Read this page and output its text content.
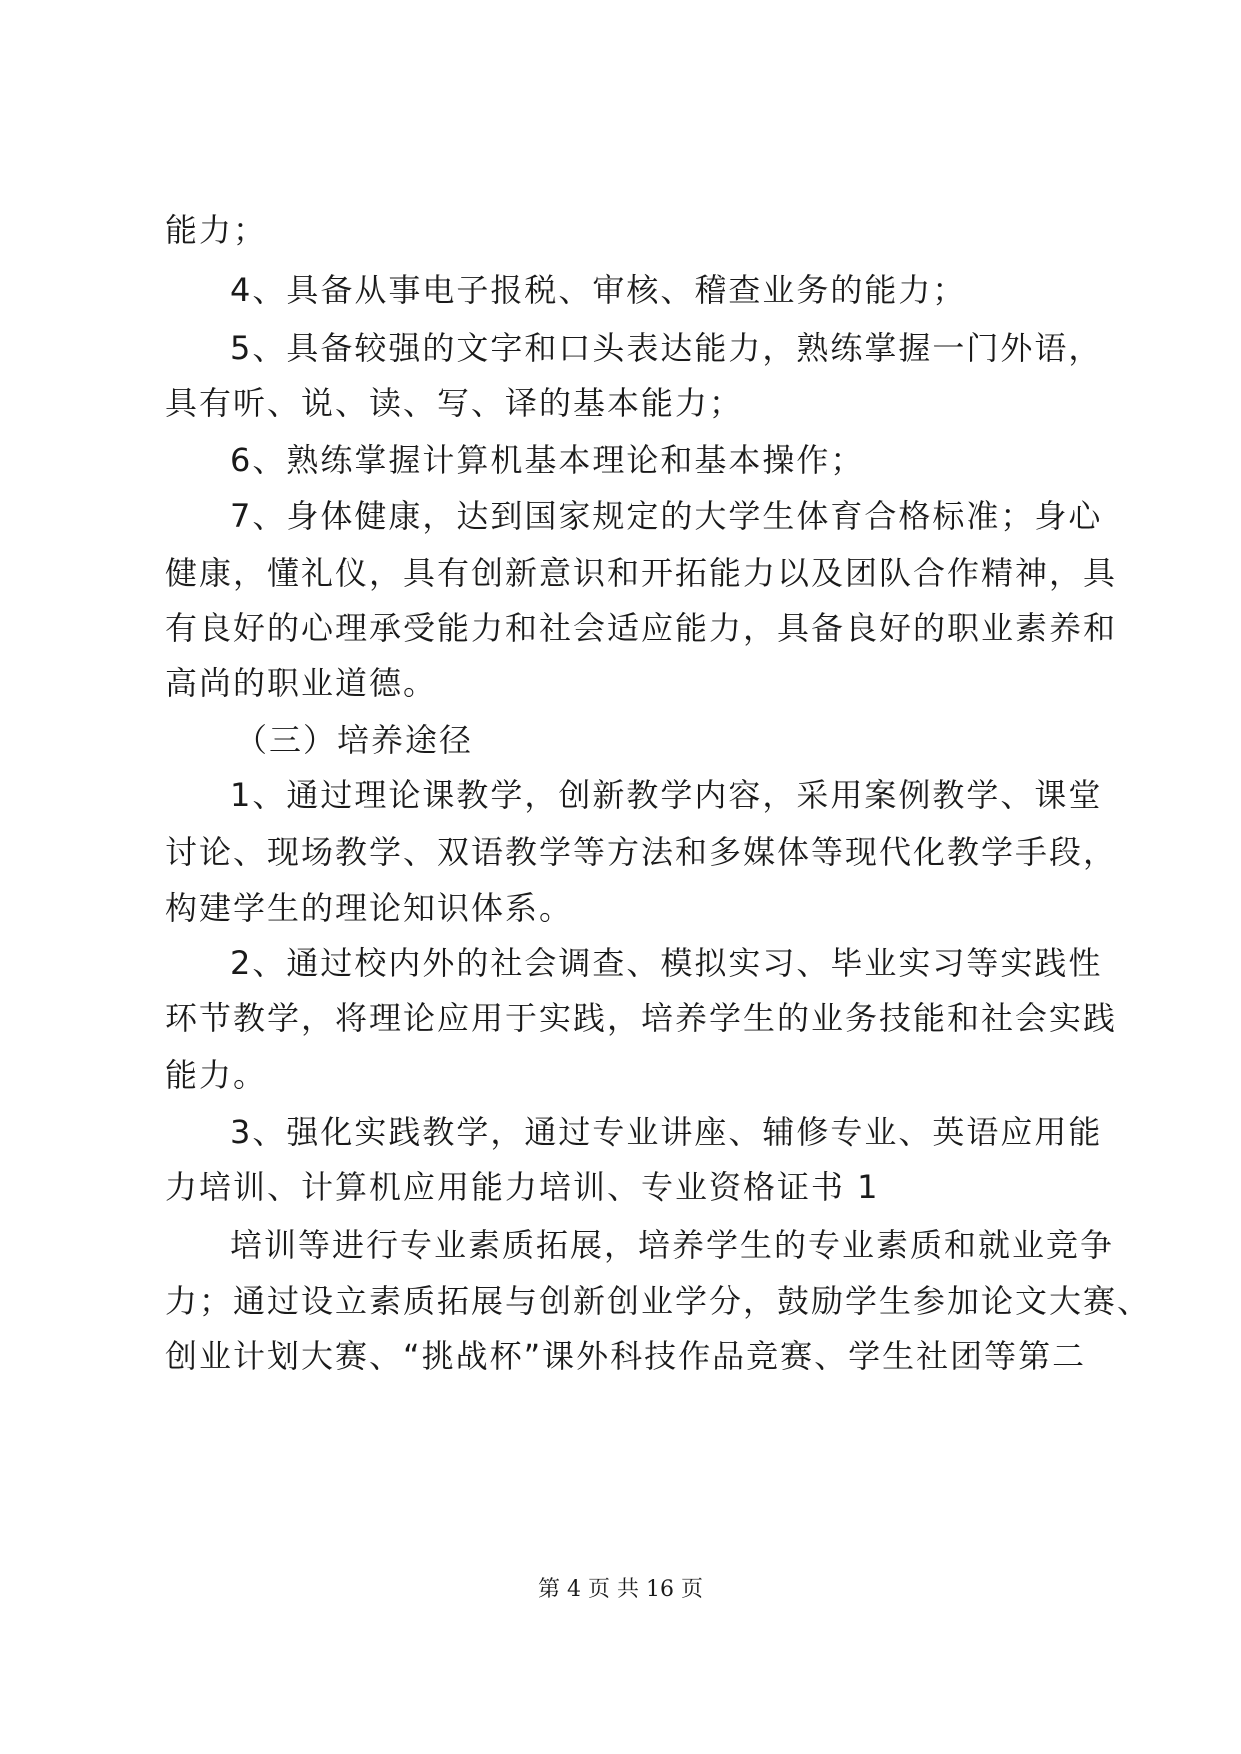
能力；
4、具备从事电子报税、审核、稽查业务的能力；
5、具备较强的文字和口头表达能力，熟练掌握一门外语，
具有听、说、读、写、译的基本能力；
6、熟练掌握计算机基本理论和基本操作；
7、身体健康，达到国家规定的大学生体育合格标准；身心
健康，懂礼仪，具有创新意识和开拓能力以及团队合作精神，具
有良好的心理承受能力和社会适应能力，具备良好的职业素养和
高尚的职业道德。
（三）培养途径
1、通过理论课教学，创新教学内容，采用案例教学、课堂
讨论、现场教学、双语教学等方法和多媒体等现代化教学手段，
构建学生的理论知识体系。
2、通过校内外的社会调查、模拟实习、毕业实习等实践性
环节教学，将理论应用于实践，培养学生的业务技能和社会实践
能力。
3、强化实践教学，通过专业讲座、辅修专业、英语应用能
力培训、计算机应用能力培训、专业资格证书 1
培训等进行专业素质拓展，培养学生的专业素质和就业竞争
力；通过设立素质拓展与创新创业学分，鼓励学生参加论文大赛、
创业计划大赛、“挑战杯”课外科技作品竞赛、学生社团等第二
第 4 页 共 16 页
